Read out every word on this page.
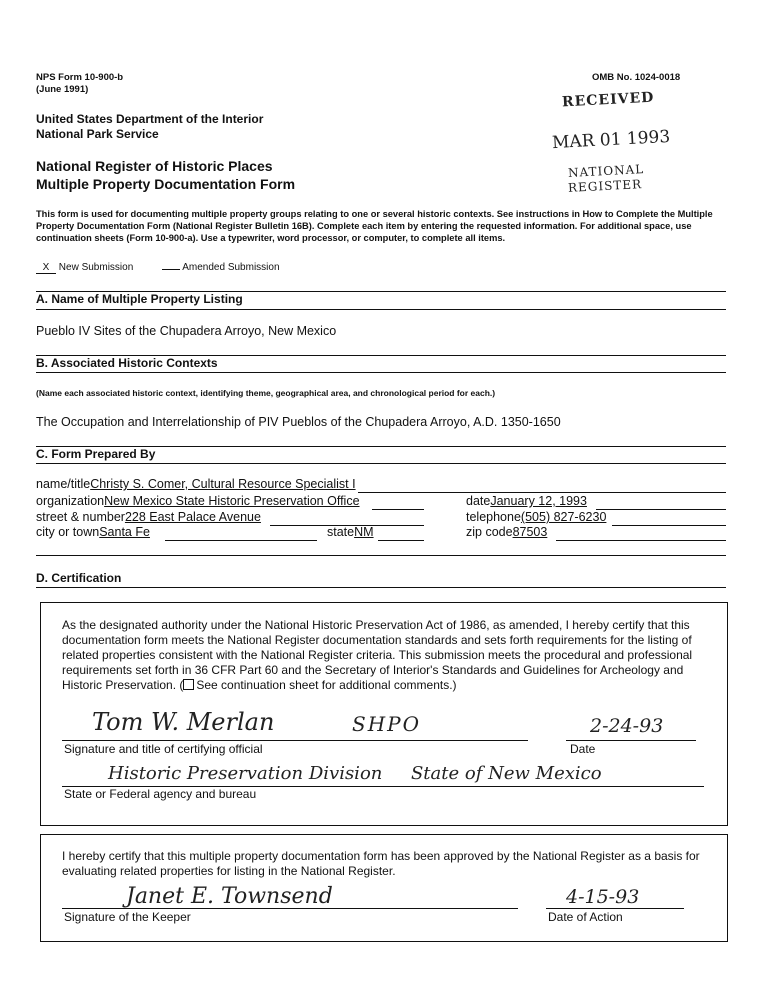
NPS Form 10-900-b
(June 1991)
OMB No. 1024-0018
United States Department of the Interior
National Park Service
National Register of Historic Places
Multiple Property Documentation Form
RECEIVED
MAR 01 1993
NATIONAL
REGISTER
This form is used for documenting multiple property groups relating to one or several historic contexts. See instructions in How to Complete the Multiple Property Documentation Form (National Register Bulletin 16B). Complete each item by entering the requested information. For additional space, use continuation sheets (Form 10-900-a). Use a typewriter, word processor, or computer, to complete all items.
X New Submission	Amended Submission
A. Name of Multiple Property Listing
Pueblo IV Sites of the Chupadera Arroyo, New Mexico
B. Associated Historic Contexts
(Name each associated historic context, identifying theme, geographical area, and chronological period for each.)
The Occupation and Interrelationship of PIV Pueblos of the Chupadera Arroyo, A.D. 1350-1650
C. Form Prepared By
name/titleChristy S. Comer, Cultural Resource Specialist I
organizationNew Mexico State Historic Preservation Office	dateJanuary 12, 1993
street & number228 East Palace Avenue	telephone(505) 827-6230
city or townSanta Fe	stateNM	zip code87503
D. Certification
As the designated authority under the National Historic Preservation Act of 1986, as amended, I hereby certify that this documentation form meets the National Register documentation standards and sets forth requirements for the listing of related properties consistent with the National Register criteria. This submission meets the procedural and professional requirements set forth in 36 CFR Part 60 and the Secretary of Interior's Standards and Guidelines for Archeology and Historic Preservation. ( See continuation sheet for additional comments.)
Tom W. Merlan	SHPO
Signature and title of certifying official
2-24-93
Date
Historic Preservation Division     State of New Mexico
State or Federal agency and bureau
I hereby certify that this multiple property documentation form has been approved by the National Register as a basis for evaluating related properties for listing in the National Register.
Janet E. Townsend
Signature of the Keeper
4-15-93
Date of Action
